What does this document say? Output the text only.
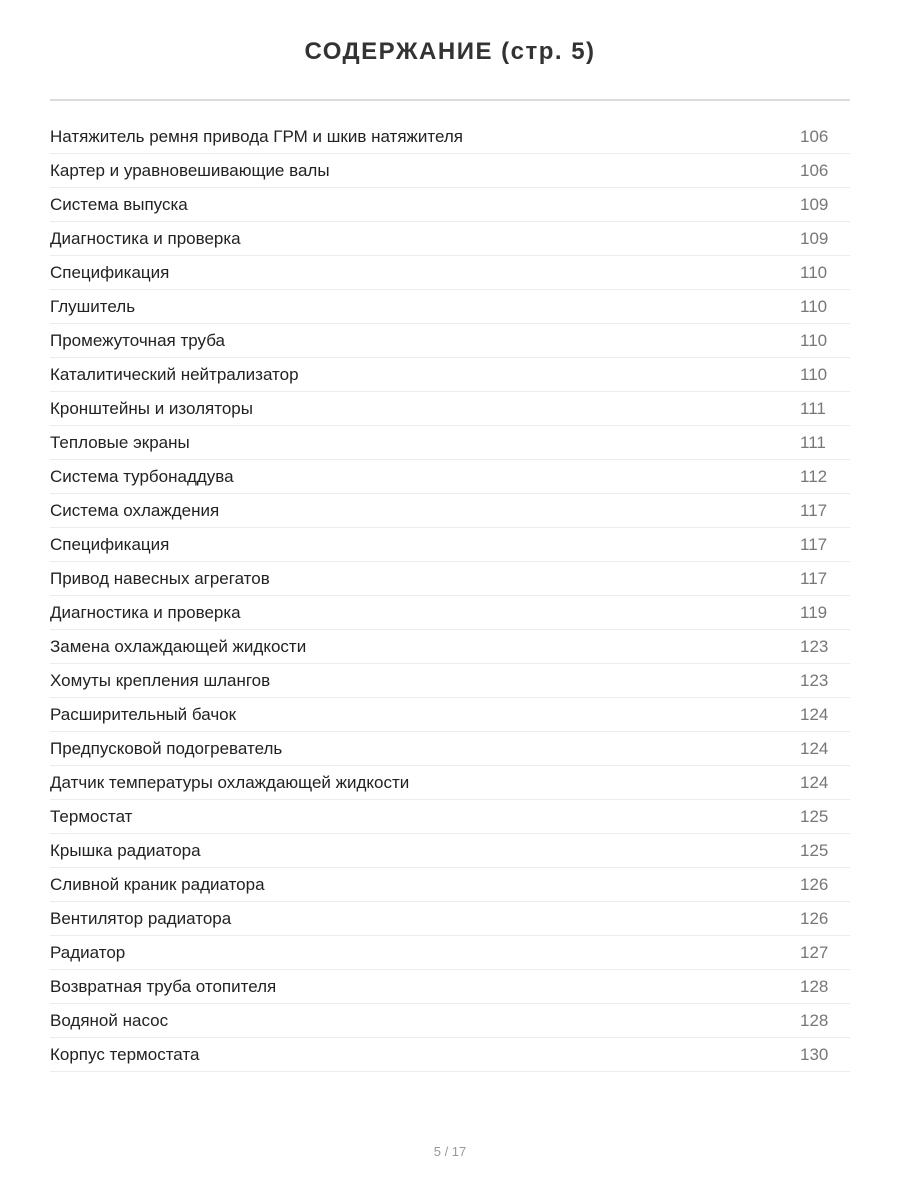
СОДЕРЖАНИЕ (стр. 5)
Натяжитель ремня привода ГРМ и шкив натяжителя	106
Картер и уравновешивающие валы	106
Система выпуска	109
Диагностика и проверка	109
Спецификация	110
Глушитель	110
Промежуточная труба	110
Каталитический нейтрализатор	110
Кронштейны и изоляторы	111
Тепловые экраны	111
Система турбонаддува	112
Система охлаждения	117
Спецификация	117
Привод навесных агрегатов	117
Диагностика и проверка	119
Замена охлаждающей жидкости	123
Хомуты крепления шлангов	123
Расширительный бачок	124
Предпусковой подогреватель	124
Датчик температуры охлаждающей жидкости	124
Термостат	125
Крышка радиатора	125
Сливной краник радиатора	126
Вентилятор радиатора	126
Радиатор	127
Возвратная труба отопителя	128
Водяной насос	128
Корпус термостата	130
5 / 17
